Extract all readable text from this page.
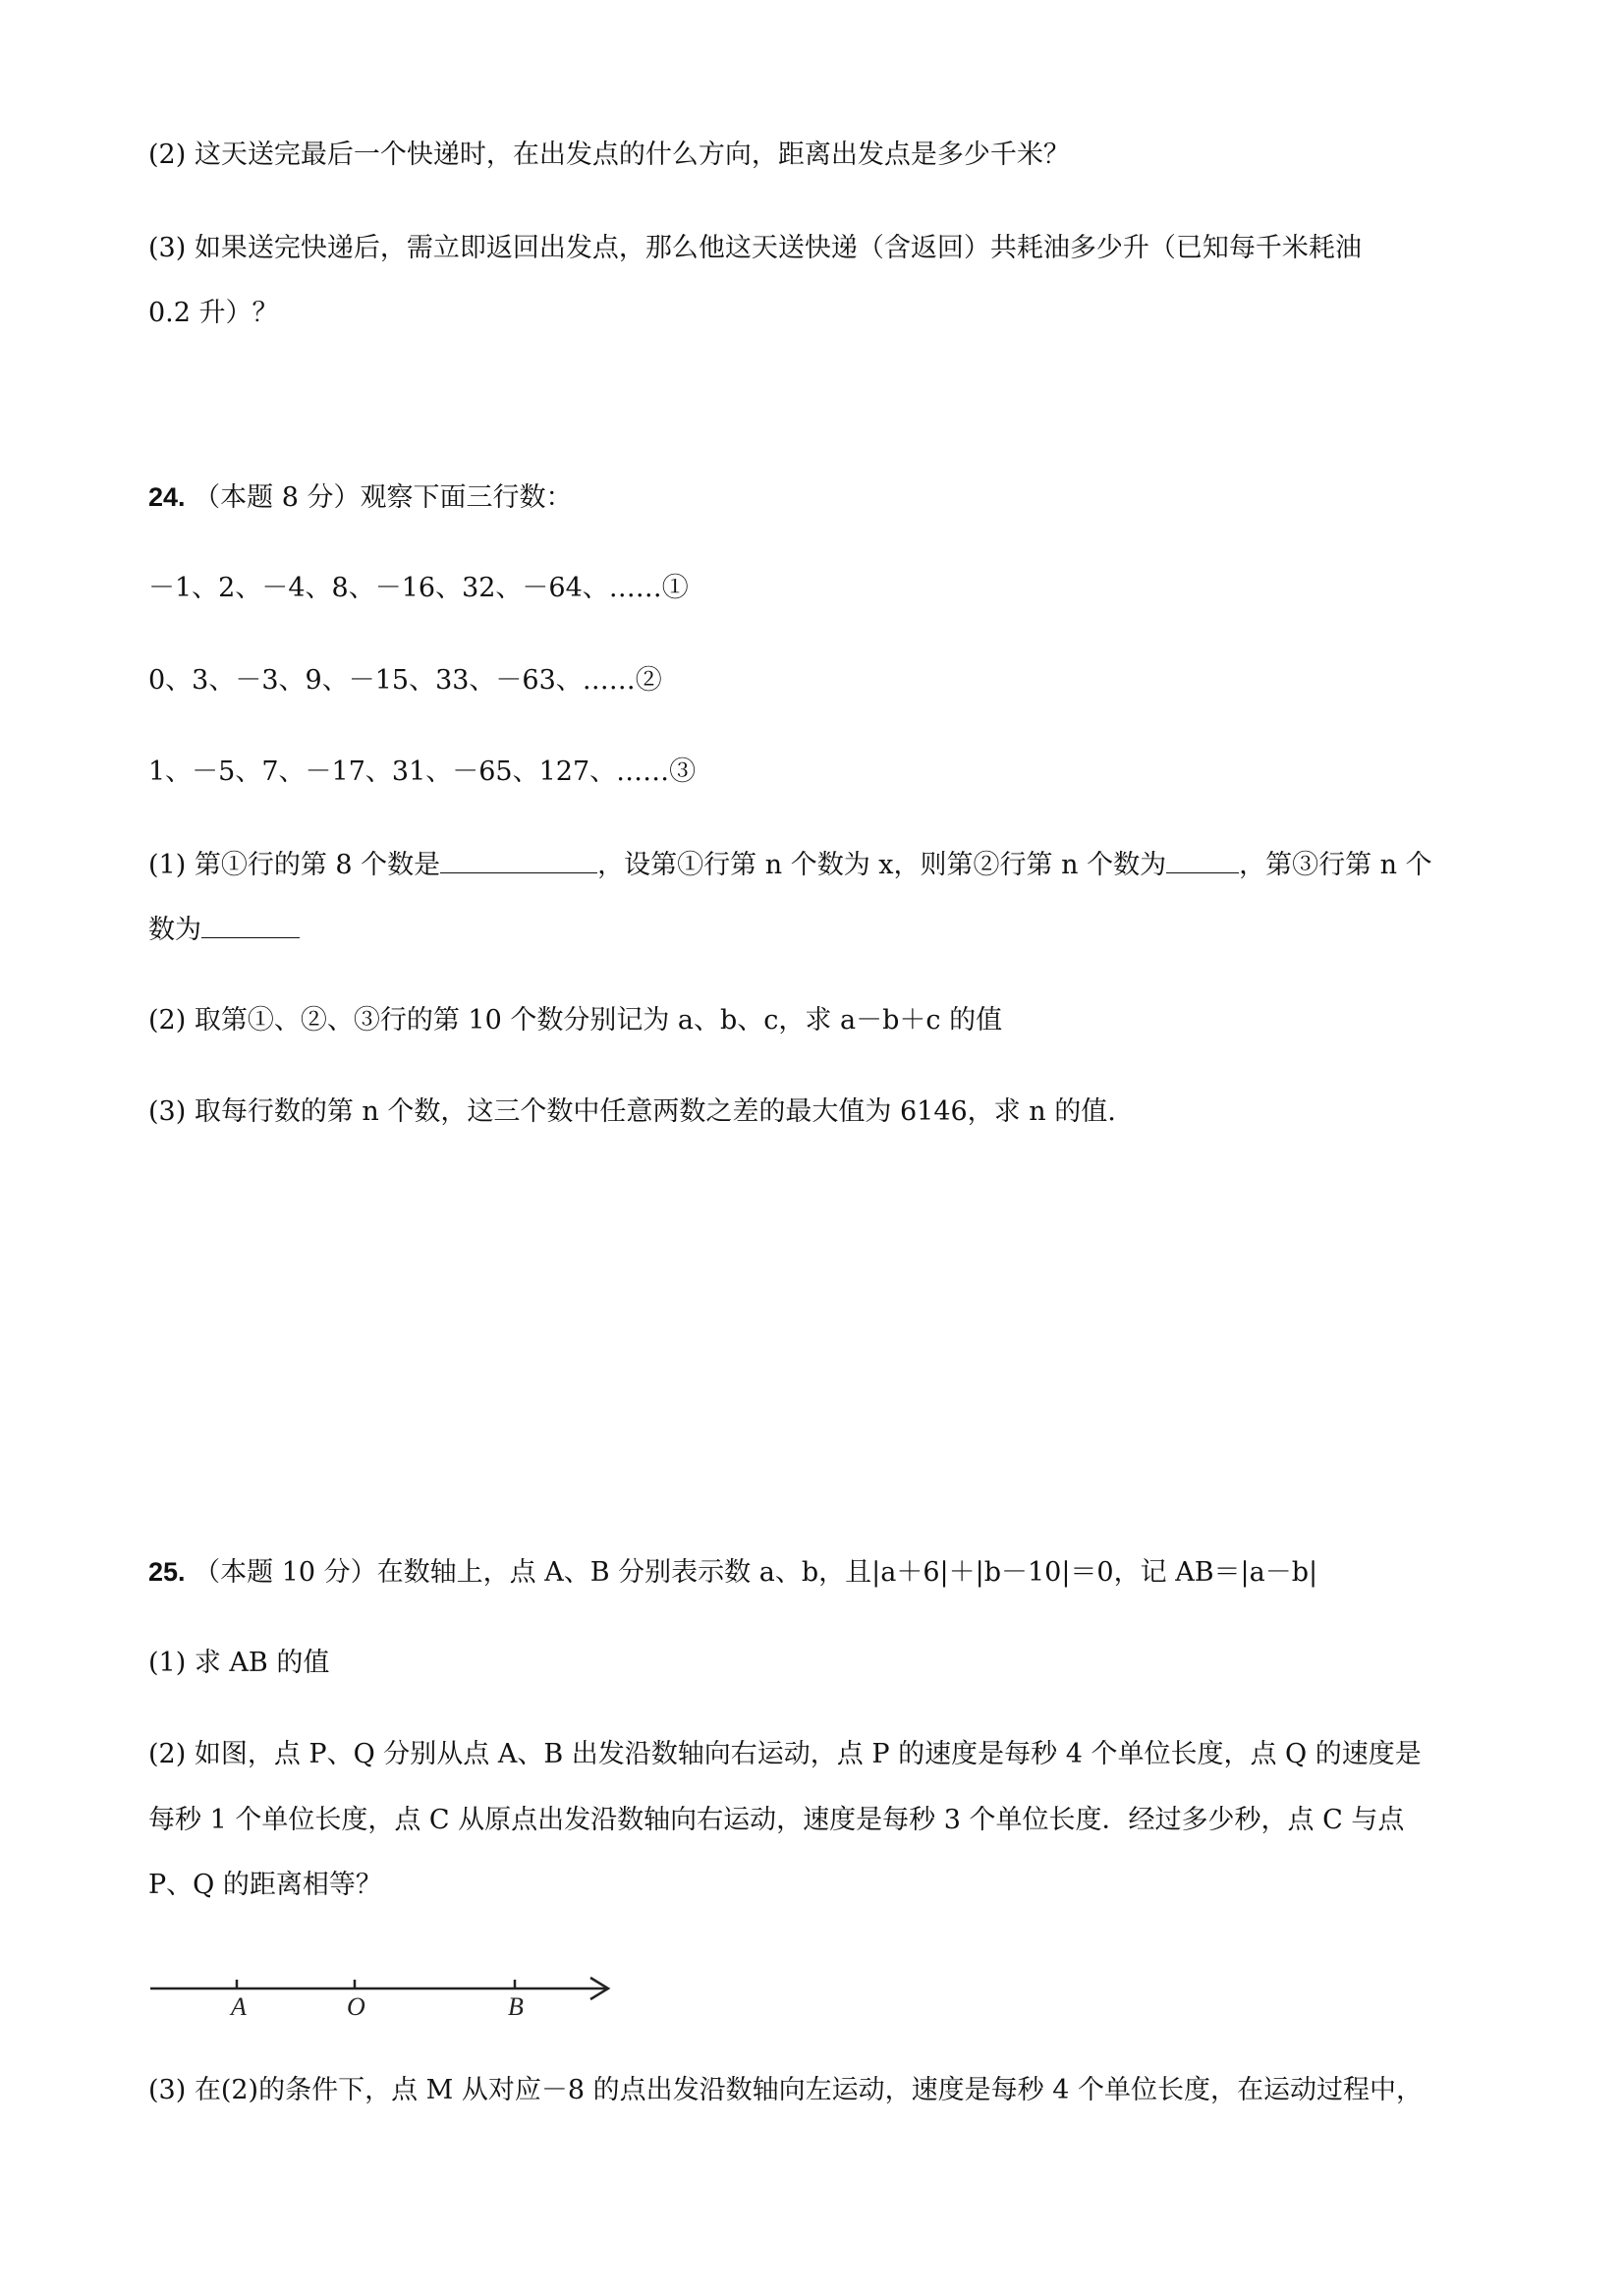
(2) 这天送完最后一个快递时，在出发点的什么方向，距离出发点是多少千米？
(3) 如果送完快递后，需立即返回出发点，那么他这天送快递（含返回）共耗油多少升（已知每千米耗油
0.2 升）？
24. （本题 8 分）观察下面三行数：
－1、2、－4、8、－16、32、－64、……①
0、3、－3、9、－15、33、－63、……②
1、－5、7、－17、31、－65、127、……③
(1) 第①行的第 8 个数是	，设第①行第 n 个数为 x，则第②行第 n 个数为	，第③行第 n 个
数为
(2) 取第①、②、③行的第 10 个数分别记为 a、b、c，求 a－b＋c 的值
(3) 取每行数的第 n 个数，这三个数中任意两数之差的最大值为 6146，求 n 的值.
25. （本题 10 分）在数轴上，点 A、B 分别表示数 a、b，且|a＋6|＋|b－10|＝0，记 AB＝|a－b|
(1) 求 AB 的值
(2) 如图，点 P、Q 分别从点 A、B 出发沿数轴向右运动，点 P 的速度是每秒 4 个单位长度，点 Q 的速度是
每秒 1 个单位长度，点 C 从原点出发沿数轴向右运动，速度是每秒 3 个单位长度．经过多少秒，点 C 与点
P、Q 的距离相等？
A	O	B
(3) 在(2)的条件下，点 M 从对应－8 的点出发沿数轴向左运动，速度是每秒 4 个单位长度，在运动过程中，
